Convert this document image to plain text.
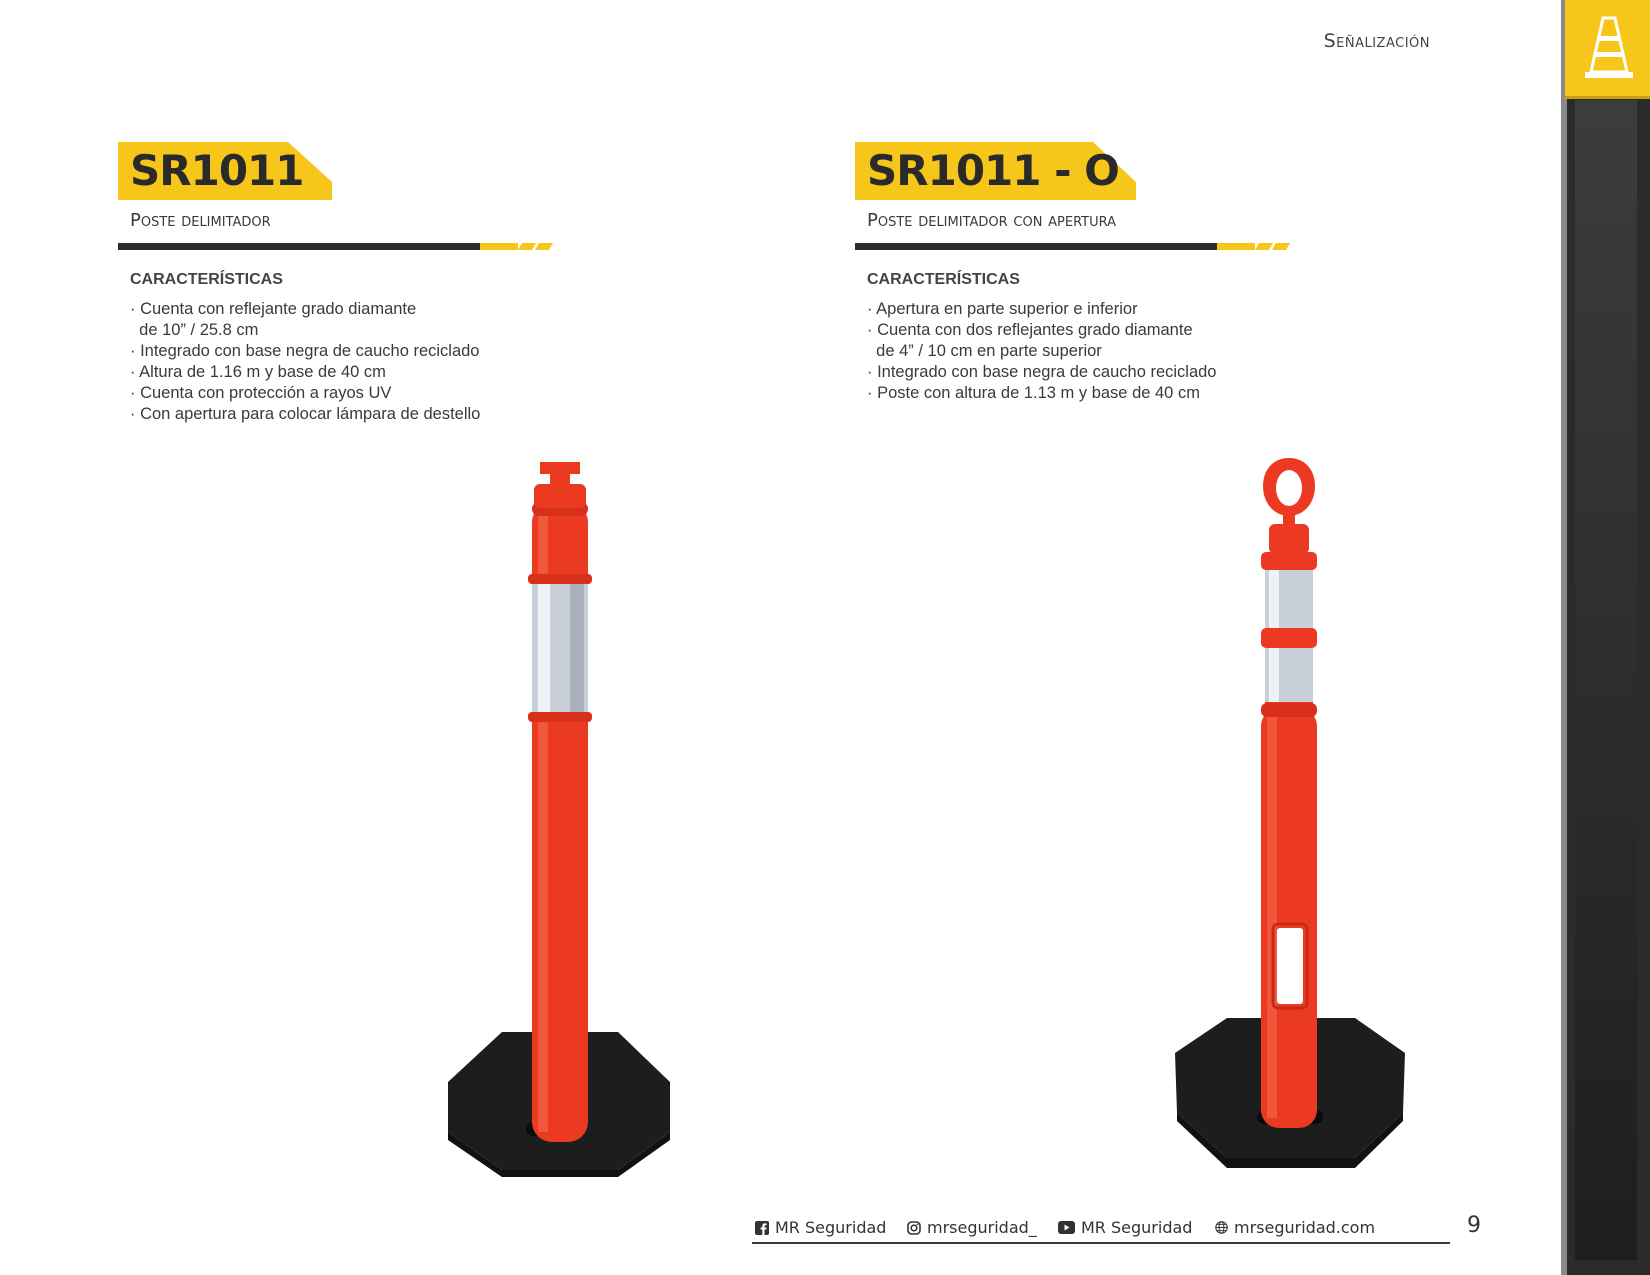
Señalización
SR1011
Poste delimitador
CARACTERÍSTICAS
· Cuenta con reflejante grado diamante
de 10” / 25.8 cm
· Integrado con base negra de caucho reciclado
· Altura de 1.16 m y base de 40 cm
· Cuenta con protección a rayos UV
· Con apertura para colocar lámpara de destello
SR1011 - O
Poste delimitador con apertura
CARACTERÍSTICAS
· Apertura en parte superior e inferior
· Cuenta con dos reflejantes grado diamante
de 4” / 10 cm en parte superior
· Integrado con base negra de caucho reciclado
· Poste con altura de 1.13 m y base de 40 cm
MR Seguridad	mrseguridad_	MR Seguridad	mrseguridad.com	9
